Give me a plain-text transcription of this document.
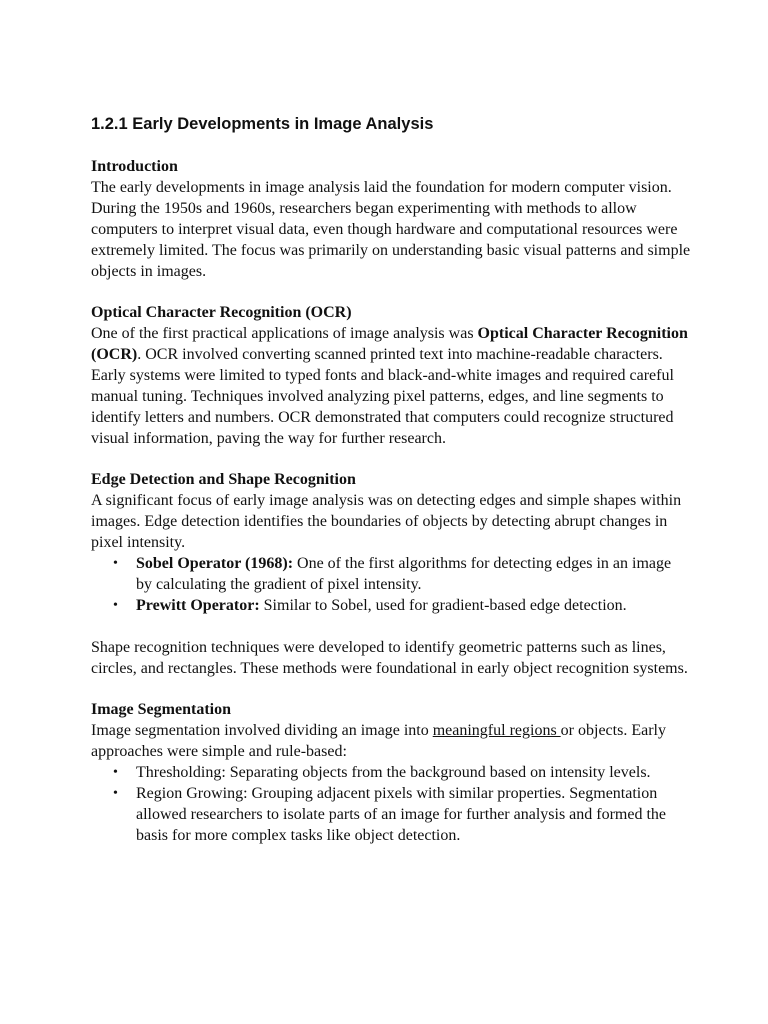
1.2.1 Early Developments in Image Analysis
Introduction

The early developments in image analysis laid the foundation for modern computer vision. During the 1950s and 1960s, researchers began experimenting with methods to allow computers to interpret visual data, even though hardware and computational resources were extremely limited. The focus was primarily on understanding basic visual patterns and simple objects in images.

Optical Character Recognition (OCR)

One of the first practical applications of image analysis was Optical Character Recognition (OCR). OCR involved converting scanned printed text into machine-readable characters. Early systems were limited to typed fonts and black-and-white images and required careful manual tuning. Techniques involved analyzing pixel patterns, edges, and line segments to identify letters and numbers. OCR demonstrated that computers could recognize structured visual information, paving the way for further research.

Edge Detection and Shape Recognition

A significant focus of early image analysis was on detecting edges and simple shapes within images. Edge detection identifies the boundaries of objects by detecting abrupt changes in pixel intensity.

• Sobel Operator (1968): One of the first algorithms for detecting edges in an image by calculating the gradient of pixel intensity.
• Prewitt Operator: Similar to Sobel, used for gradient-based edge detection.

Shape recognition techniques were developed to identify geometric patterns such as lines, circles, and rectangles. These methods were foundational in early object recognition systems.

Image Segmentation

Image segmentation involved dividing an image into meaningful regions or objects. Early approaches were simple and rule-based:

• Thresholding: Separating objects from the background based on intensity levels.
• Region Growing: Grouping adjacent pixels with similar properties. Segmentation allowed researchers to isolate parts of an image for further analysis and formed the basis for more complex tasks like object detection.
